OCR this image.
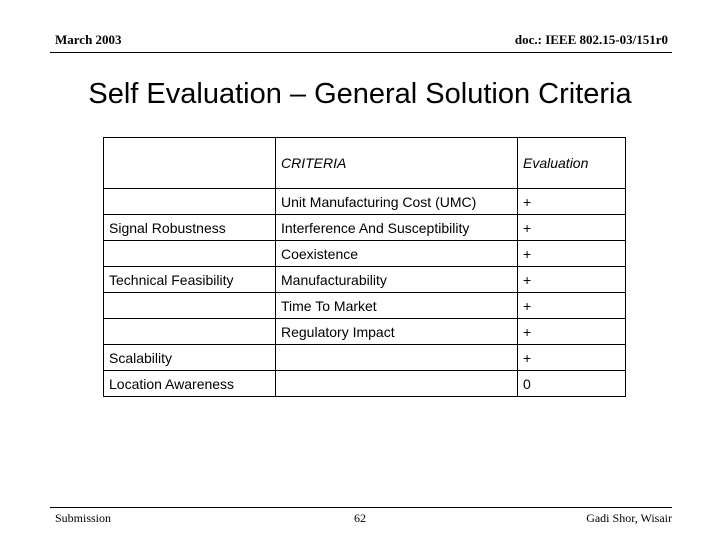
March 2003	doc.: IEEE 802.15-03/151r0
Self Evaluation – General Solution Criteria
	CRITERIA	Evaluation
	Unit Manufacturing Cost (UMC)	+
Signal Robustness	Interference And Susceptibility	+
	Coexistence	+
Technical Feasibility	Manufacturability	+
	Time To Market	+
	Regulatory Impact	+
Scalability		+
Location Awareness		0
Submission	62	Gadi Shor, Wisair
